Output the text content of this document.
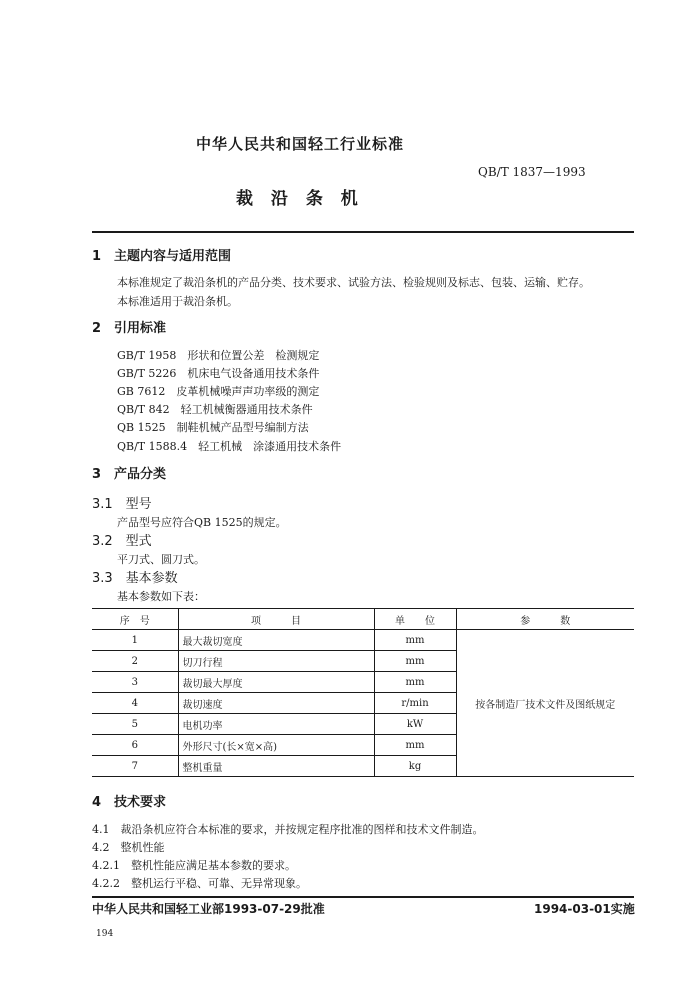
中华人民共和国轻工行业标准
QB/T 1837—1993
裁 沿 条 机
1　主题内容与适用范围
本标准规定了裁沿条机的产品分类、技术要求、试验方法、检验规则及标志、包装、运输、贮存。
本标准适用于裁沿条机。
2　引用标准
GB/T 1958　形状和位置公差　检测规定
GB/T 5226　机床电气设备通用技术条件
GB 7612　皮革机械噪声声功率级的测定
QB/T 842　轻工机械衡器通用技术条件
QB 1525　制鞋机械产品型号编制方法
QB/T 1588.4　轻工机械　涂漆通用技术条件
3　产品分类
3.1　型号
产品型号应符合QB 1525的规定。
3.2　型式
平刀式、圆刀式。
3.3　基本参数
基本参数如下表：
序　号	项　　　目	单　　位	参　　　数
1	最大裁切宽度	mm	按各制造厂技术文件及图纸规定
2	切刀行程	mm	
3	裁切最大厚度	mm	
4	裁切速度	r/min	
5	电机功率	kW	
6	外形尺寸(长×宽×高)	mm	
7	整机重量	kg	
4　技术要求
4.1　裁沿条机应符合本标准的要求，并按规定程序批准的图样和技术文件制造。
4.2　整机性能
4.2.1　整机性能应满足基本参数的要求。
4.2.2　整机运行平稳、可靠、无异常现象。
中华人民共和国轻工业部1993-07-29批准	1994-03-01实施
194
